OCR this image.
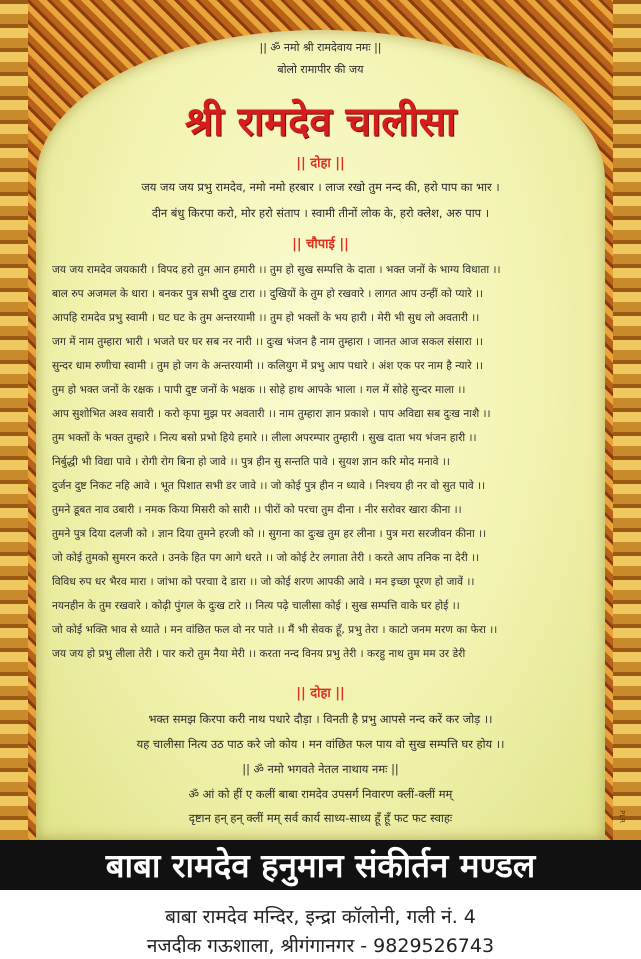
|| ॐ नमो श्री रामदेवाय नमः ||
बोलो रामापीर की जय
श्री रामदेव चालीसा
|| दोहा ||
जय जय जय प्रभु रामदेव, नमो नमो हरबार । लाज रखो तुम नन्द की, हरो पाप का भार ।
दीन बंधु किरपा करो, मोर हरो संताप । स्वामी तीनों लोक के, हरो क्लेश, अरु पाप ।
|| चौपाई ||
जय जय रामदेव जयकारी । विपद हरो तुम आन हमारी ।। तुम हो सुख सम्पत्ति के दाता । भक्त जनों के भाग्य विधाता ।।
बाल रुप अजमल के धारा । बनकर पुत्र सभी दुख टारा ।। दुखियों के तुम हो रखवारे । लागत आप उन्हीं को प्यारे ।।
आपहि रामदेव प्रभु स्वामी । घट घट के तुम अन्तरयामी ।। तुम हो भक्तों के भय हारी । मेरी भी सुध लो अवतारी ।।
जग में नाम तुम्हारा भारी । भजते घर घर सब नर नारी ।। दुःख भंजन है नाम तुम्हारा । जानत आज सकल संसारा ।।
सुन्दर धाम रुणीचा स्वामी । तुम हो जग के अन्तरयामी ।। कलियुग में प्रभु आप पधारे । अंश एक पर नाम है न्यारे ।।
तुम हो भक्त जनों के रक्षक । पापी दुष्ट जनों के भक्षक ।। सोहे हाथ आपके भाला । गल में सोहे सुन्दर माला ।।
आप सुशोभित अश्व सवारी । करो कृपा मुझ पर अवतारी ।। नाम तुम्हारा ज्ञान प्रकाशे । पाप अविद्या सब दुःख नाशै ।।
तुम भक्तों के भक्त तुम्हारे । नित्य बसो प्रभो हिये हमारे ।। लीला अपरम्पार तुम्हारी । सुख दाता भय भंजन हारी ।।
निर्बुद्धी भी विद्या पावे । रोगी रोग बिना हो जावे ।। पुत्र हीन सु सन्तति पावे । सुयश ज्ञान करि मोद मनावे ।।
दुर्जन दुष्ट निकट नहि आवे । भूत पिशात सभी डर जावे ।। जो कोई पुत्र हीन न ध्यावे । निश्चय ही नर वो सुत पावे ।।
तुमने डूबत नाव उबारी । नमक किया मिसरी को सारी ।। पीरों को परचा तुम दीना । नीर सरोवर खारा कीना ।।
तुमने पुत्र दिया दलजी को । ज्ञान दिया तुमने हरजी को ।। सुगना का दुःख तुम हर लीना । पुत्र मरा सरजीवन कीना ।।
जो कोई तुमको सुमरन करते । उनके हित पग आगे धरते ।। जो कोई टेर लगाता तेरी । करते आप तनिक ना देरी ।।
विविध रुप धर भैरव मारा । जांभा को परचाा दे डारा ।। जो कोई शरण आपकी आवे । मन इच्छा पूरण हो जावें ।।
नयनहीन के तुम रखवारे । कोढ़ी पुंगल के दुःख टारे ।। नित्य पढ़े चालीसा कोई । सुख सम्पत्ति वाके घर होई ।।
जो कोई भक्ति भाव से ध्याते । मन वांछित फल वो नर पाते ।। मैं भी सेवक हूँ, प्रभु तेरा । काटो जनम मरण का फेरा ।।
जय जय हो प्रभु लीला तेरी । पार करो तुम नैया मेरी ।। करता नन्द विनय प्रभु तेरी । करहु नाथ तुम मम उर डेरी
|| दोहा ||
भक्त समझ किरपा करी नाथ पधारे दौड़ा । विनती है प्रभु आपसे नन्द करें कर जोड़ ।।
यह चालीसा नित्य उठ पाठ करे जो कोय । मन वांछित फल पाय वो सुख सम्पत्ति घर होय ।।
|| ॐ नमो भगवते नेतल नाथाय नमः ||
ॐ आं को हीं ए कलीं बाबा रामदेव उपसर्ग निवारण क्लीं-क्लीं मम्
दृष्टान हन् हन् क्लीं मम् सर्व कार्य साध्य-साध्य हूँ हूँ फट फट स्वाहः	PLR
बाबा रामदेव हनुमान संकीर्तन मण्डल
बाबा रामदेव मन्दिर, इन्द्रा कॉलोनी, गली नं. 4
नजदीक गऊशाला, श्रीगंगानगर - 9829526743
